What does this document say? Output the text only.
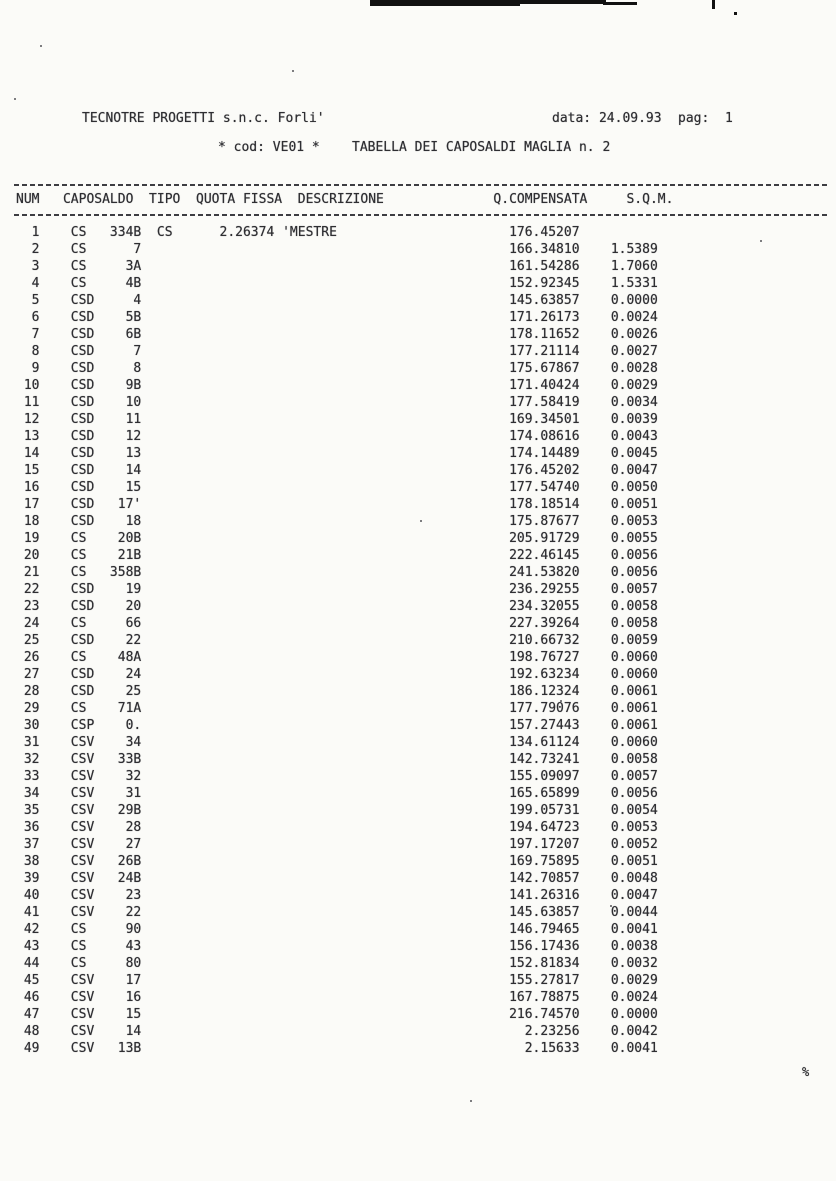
TECNOTRE PROGETTI s.n.c. Forli'	data: 24.09.93 pag:  1
* cod: VE01 * TABELLA DEI CAPOSALDI MAGLIA n. 2
NUM   CAPOSALDO  TIPO  QUOTA FISSA  DESCRIZIONE              Q.COMPENSATA     S.Q.M.
1    CS   334B  CS      2.26374 'MESTRE                      176.45207
2    CS      7                                               166.34810    1.5389
3    CS     3A                                               161.54286    1.7060
4    CS     4B                                               152.92345    1.5331
5    CSD     4                                               145.63857    0.0000
6    CSD    5B                                               171.26173    0.0024
7    CSD    6B                                               178.11652    0.0026
8    CSD     7                                               177.21114    0.0027
9    CSD     8                                               175.67867    0.0028
10    CSD    9B                                               171.40424    0.0029
11    CSD    10                                               177.58419    0.0034
12    CSD    11                                               169.34501    0.0039
13    CSD    12                                               174.08616    0.0043
14    CSD    13                                               174.14489    0.0045
15    CSD    14                                               176.45202    0.0047
16    CSD    15                                               177.54740    0.0050
17    CSD   17'                                               178.18514    0.0051
18    CSD    18                                               175.87677    0.0053
19    CS    20B                                               205.91729    0.0055
20    CS    21B                                               222.46145    0.0056
21    CS   358B                                               241.53820    0.0056
22    CSD    19                                               236.29255    0.0057
23    CSD    20                                               234.32055    0.0058
24    CS     66                                               227.39264    0.0058
25    CSD    22                                               210.66732    0.0059
26    CS    48A                                               198.76727    0.0060
27    CSD    24                                               192.63234    0.0060
28    CSD    25                                               186.12324    0.0061
29    CS    71A                                               177.79076    0.0061
30    CSP    0.                                               157.27443    0.0061
31    CSV    34                                               134.61124    0.0060
32    CSV   33B                                               142.73241    0.0058
33    CSV    32                                               155.09097    0.0057
34    CSV    31                                               165.65899    0.0056
35    CSV   29B                                               199.05731    0.0054
36    CSV    28                                               194.64723    0.0053
37    CSV    27                                               197.17207    0.0052
38    CSV   26B                                               169.75895    0.0051
39    CSV   24B                                               142.70857    0.0048
40    CSV    23                                               141.26316    0.0047
41    CSV    22                                               145.63857    0.0044
42    CS     90                                               146.79465    0.0041
43    CS     43                                               156.17436    0.0038
44    CS     80                                               152.81834    0.0032
45    CSV    17                                               155.27817    0.0029
46    CSV    16                                               167.78875    0.0024
47    CSV    15                                               216.74570    0.0000
48    CSV    14                                                 2.23256    0.0042
49    CSV   13B                                                 2.15633    0.0041
%
